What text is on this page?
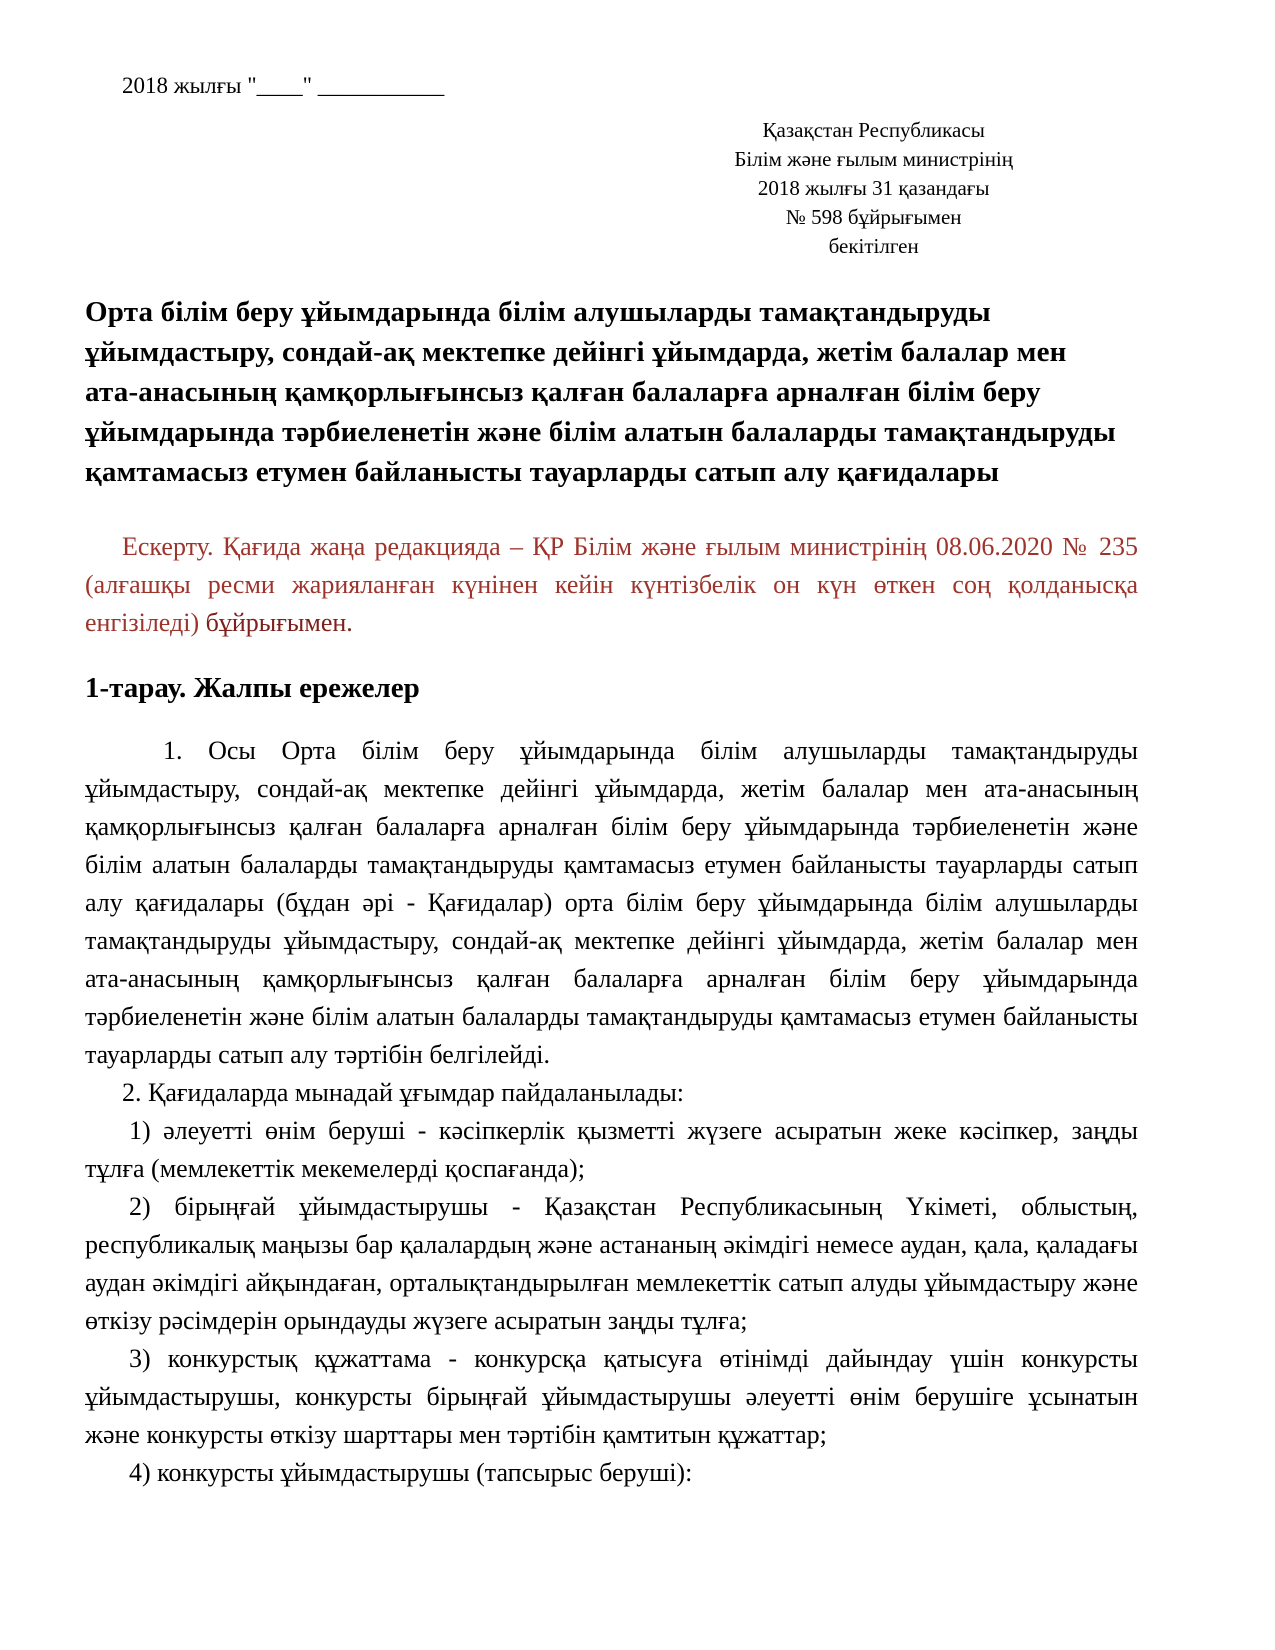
2018 жылғы "____" ___________
Қазақстан Республикасы
Білім және ғылым министрінің
2018 жылғы 31 қазандағы
№ 598 бұйрығымен
бекітілген
Орта білім беру ұйымдарында білім алушыларды тамақтандыруды
ұйымдастыру, сондай-ақ мектепке дейінгі ұйымдарда, жетім балалар мен
ата-анасының қамқорлығынсыз қалған балаларға арналған білім беру
ұйымдарында тәрбиеленетін және білім алатын балаларды тамақтандыруды
қамтамасыз етумен байланысты тауарларды сатып алу қағидалары

Ескерту. Қағида жаңа редакцияда – ҚР Білім және ғылым министрінің 08.06.2020 № 235 (алғашқы ресми жарияланған күнінен кейін күнтізбелік он күн өткен соң қолданысқа енгізіледі) бұйрығымен.

1-тарау. Жалпы ережелер

1. Осы Орта білім беру ұйымдарында білім алушыларды тамақтандыруды ұйымдастыру, сондай-ақ мектепке дейінгі ұйымдарда, жетім балалар мен ата-анасының қамқорлығынсыз қалған балаларға арналған білім беру ұйымдарында тәрбиеленетін және білім алатын балаларды тамақтандыруды қамтамасыз етумен байланысты тауарларды сатып алу қағидалары (бұдан әрі - Қағидалар) орта білім беру ұйымдарында білім алушыларды тамақтандыруды ұйымдастыру, сондай-ақ мектепке дейінгі ұйымдарда, жетім балалар мен ата-анасының қамқорлығынсыз қалған балаларға арналған білім беру ұйымдарында тәрбиеленетін және білім алатын балаларды тамақтандыруды қамтамасыз етумен байланысты тауарларды сатып алу тәртібін белгілейді.

2. Қағидаларда мынадай ұғымдар пайдаланылады:

1) әлеуетті өнім беруші - кәсіпкерлік қызметті жүзеге асыратын жеке кәсіпкер, заңды тұлға (мемлекеттік мекемелерді қоспағанда);

2) бірыңғай ұйымдастырушы - Қазақстан Республикасының Үкіметі, облыстың, республикалық маңызы бар қалалардың және астананың әкімдігі немесе аудан, қала, қаладағы аудан әкімдігі айқындаған, орталықтандырылған мемлекеттік сатып алуды ұйымдастыру және өткізу рәсімдерін орындауды жүзеге асыратын заңды тұлға;

3) конкурстық құжаттама - конкурсқа қатысуға өтінімді дайындау үшін конкурсты ұйымдастырушы, конкурсты бірыңғай ұйымдастырушы әлеуетті өнім берушіге ұсынатын және конкурсты өткізу шарттары мен тәртібін қамтитын құжаттар;

4) конкурсты ұйымдастырушы (тапсырыс беруші):
